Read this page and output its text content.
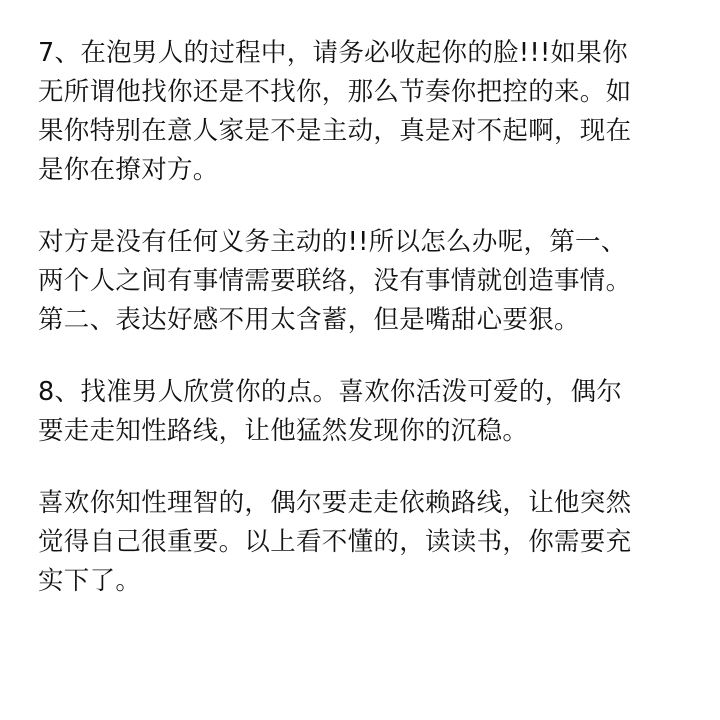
7、在泡男人的过程中，请务必收起你的脸!!!如果你
无所谓他找你还是不找你，那么节奏你把控的来。如
果你特别在意人家是不是主动，真是对不起啊，现在
是你在撩对方。

对方是没有任何义务主动的!!所以怎么办呢，第一、
两个人之间有事情需要联络，没有事情就创造事情。
第二、表达好感不用太含蓄，但是嘴甜心要狠。

8、找准男人欣赏你的点。喜欢你活泼可爱的，偶尔
要走走知性路线，让他猛然发现你的沉稳。

喜欢你知性理智的，偶尔要走走依赖路线，让他突然
觉得自己很重要。以上看不懂的，读读书，你需要充
实下了。
